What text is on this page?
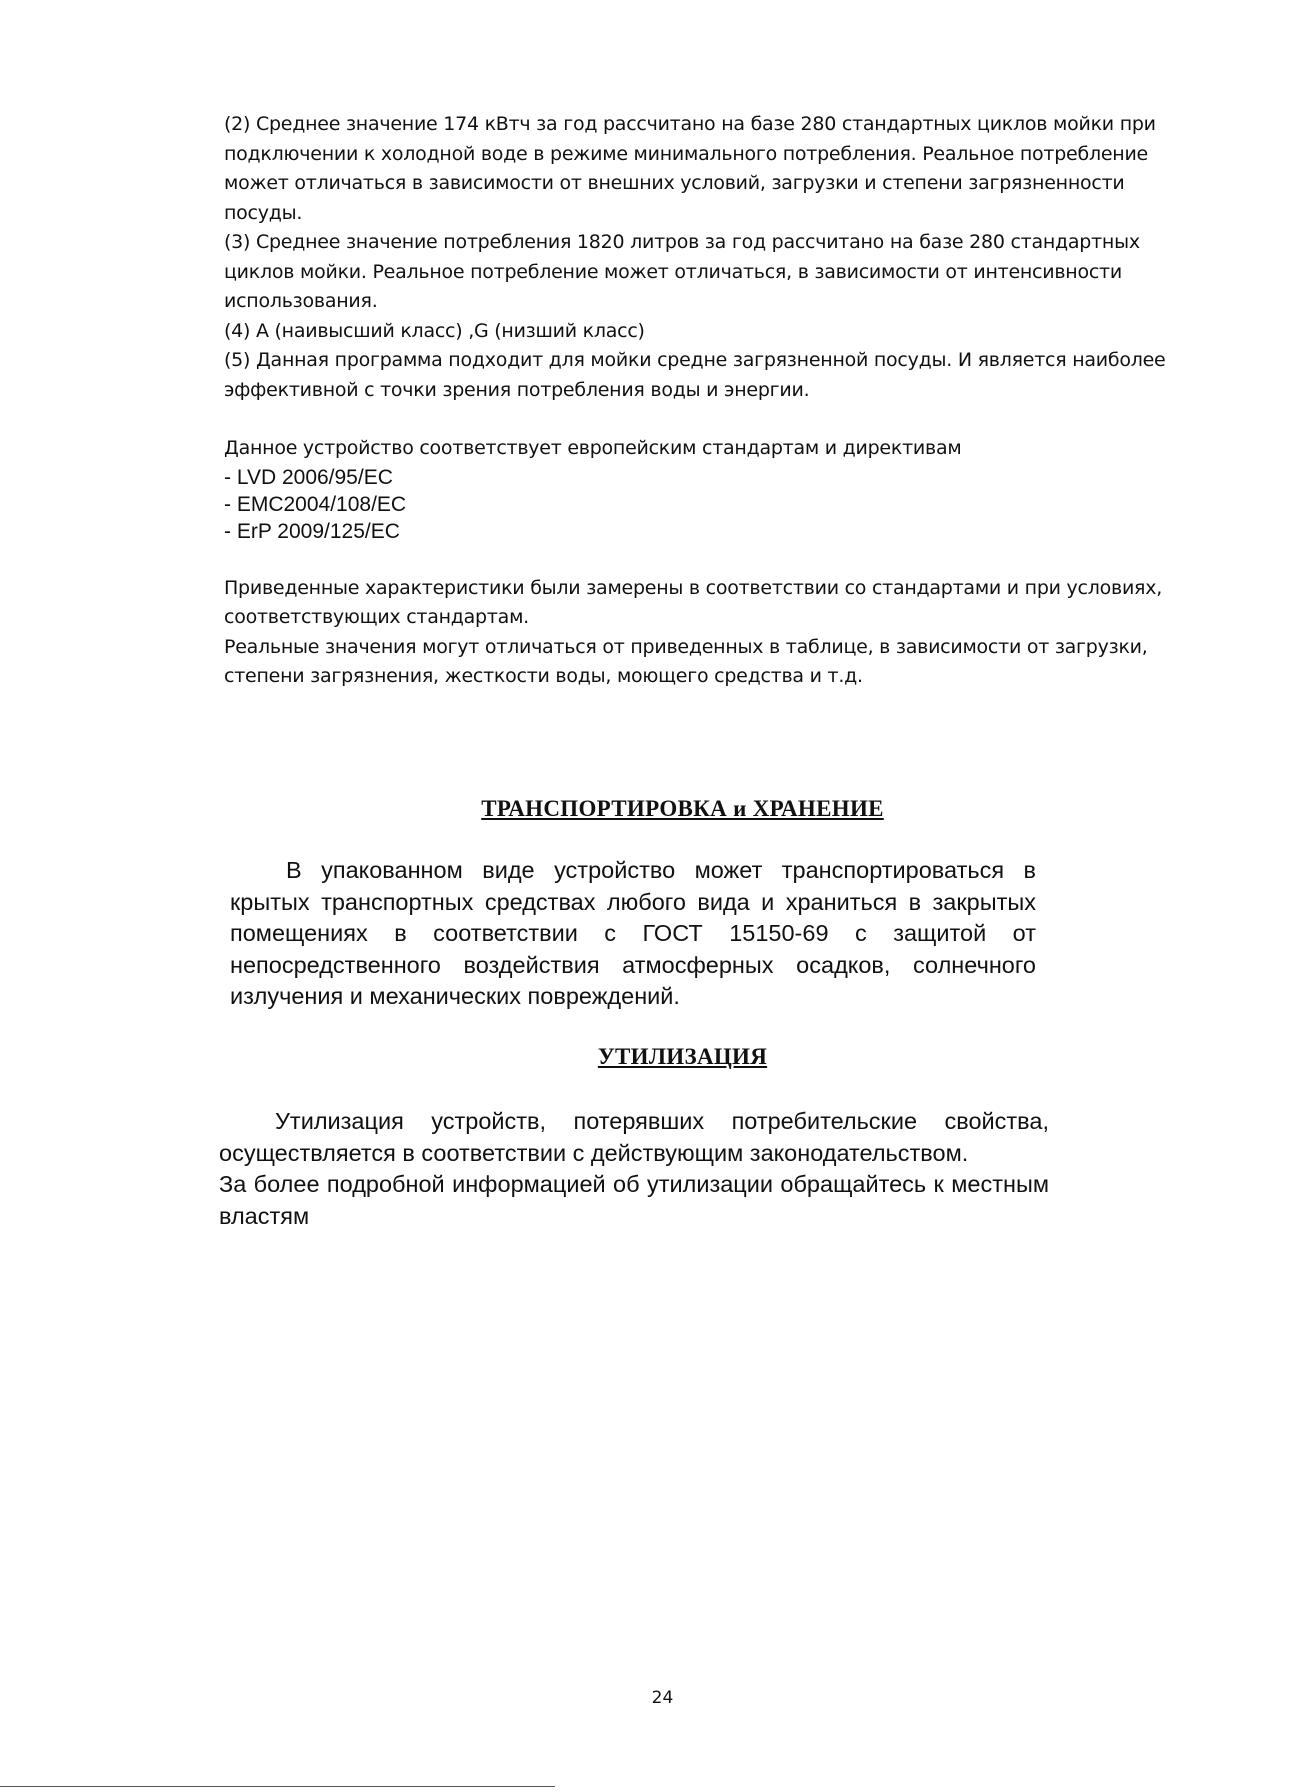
(2) Среднее значение 174 кВтч за год рассчитано на базе 280 стандартных циклов мойки при подключении к холодной воде в режиме минимального потребления. Реальное потребление может отличаться в зависимости от внешних условий, загрузки и степени загрязненности посуды.

(3) Среднее значение потребления 1820 литров за год рассчитано на базе 280 стандартных циклов мойки. Реальное потребление может отличаться, в зависимости от интенсивности использования.

(4) A (наивысший класс) ,G (низший класс)

(5) Данная программа подходит для мойки средне загрязненной посуды. И является наиболее эффективной с точки зрения потребления воды и энергии.

Данное устройство соответствует европейским стандартам и директивам

- LVD 2006/95/EC
- EMC2004/108/EC
- ErP 2009/125/EC

Приведенные характеристики были замерены в соответствии со стандартами и при условиях, соответствующих стандартам.

Реальные значения могут отличаться от приведенных в таблице, в зависимости от загрузки, степени загрязнения, жесткости воды, моющего средства и т.д.

ТРАНСПОРТИРОВКА и ХРАНЕНИЕ

В упакованном виде устройство может транспортироваться в крытых транспортных средствах любого вида и храниться в закрытых помещениях в соответствии с ГОСТ 15150-69 с защитой от непосредственного воздействия атмосферных осадков, солнечного излучения и механических повреждений.

УТИЛИЗАЦИЯ

Утилизация устройств, потерявших потребительские свойства, осуществляется в соответствии с действующим законодательством.

За более подробной информацией об утилизации обращайтесь к местным властям

24
